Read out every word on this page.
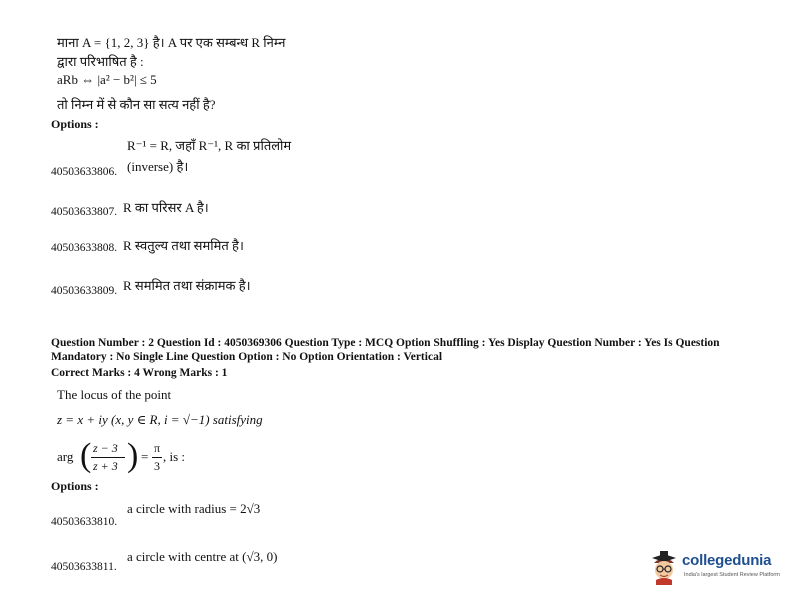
माना A = {1, 2, 3} है। A पर एक सम्बन्ध R निम्न
द्वारा परिभाषित है :
aRb ⇔ |a² − b²| ≤ 5
तो निम्न में से कौन सा सत्य नहीं है?
Options :
R⁻¹ = R, जहाँ R⁻¹, R का प्रतिलोम
(inverse) है।
40503633806.
40503633807. R का परिसर A है।
40503633808. R स्वतुल्य तथा सममित है।
40503633809. R सममित तथा संक्रामक है।
Question Number : 2 Question Id : 4050369306 Question Type : MCQ Option Shuffling : Yes Display Question Number : Yes Is Question
Mandatory : No Single Line Question Option : No Option Orientation : Vertical
Correct Marks : 4 Wrong Marks : 1
The locus of the point
z = x + iy (x, y ∈ R, i = √−1) satisfying
arg ( z − 3
z + 3 ) =
π
3
, is :
Options :
a circle with radius = 2√3
40503633810.
a circle with centre at (√3, 0)
40503633811.	collegedunia
India's largest Student Review Platform
